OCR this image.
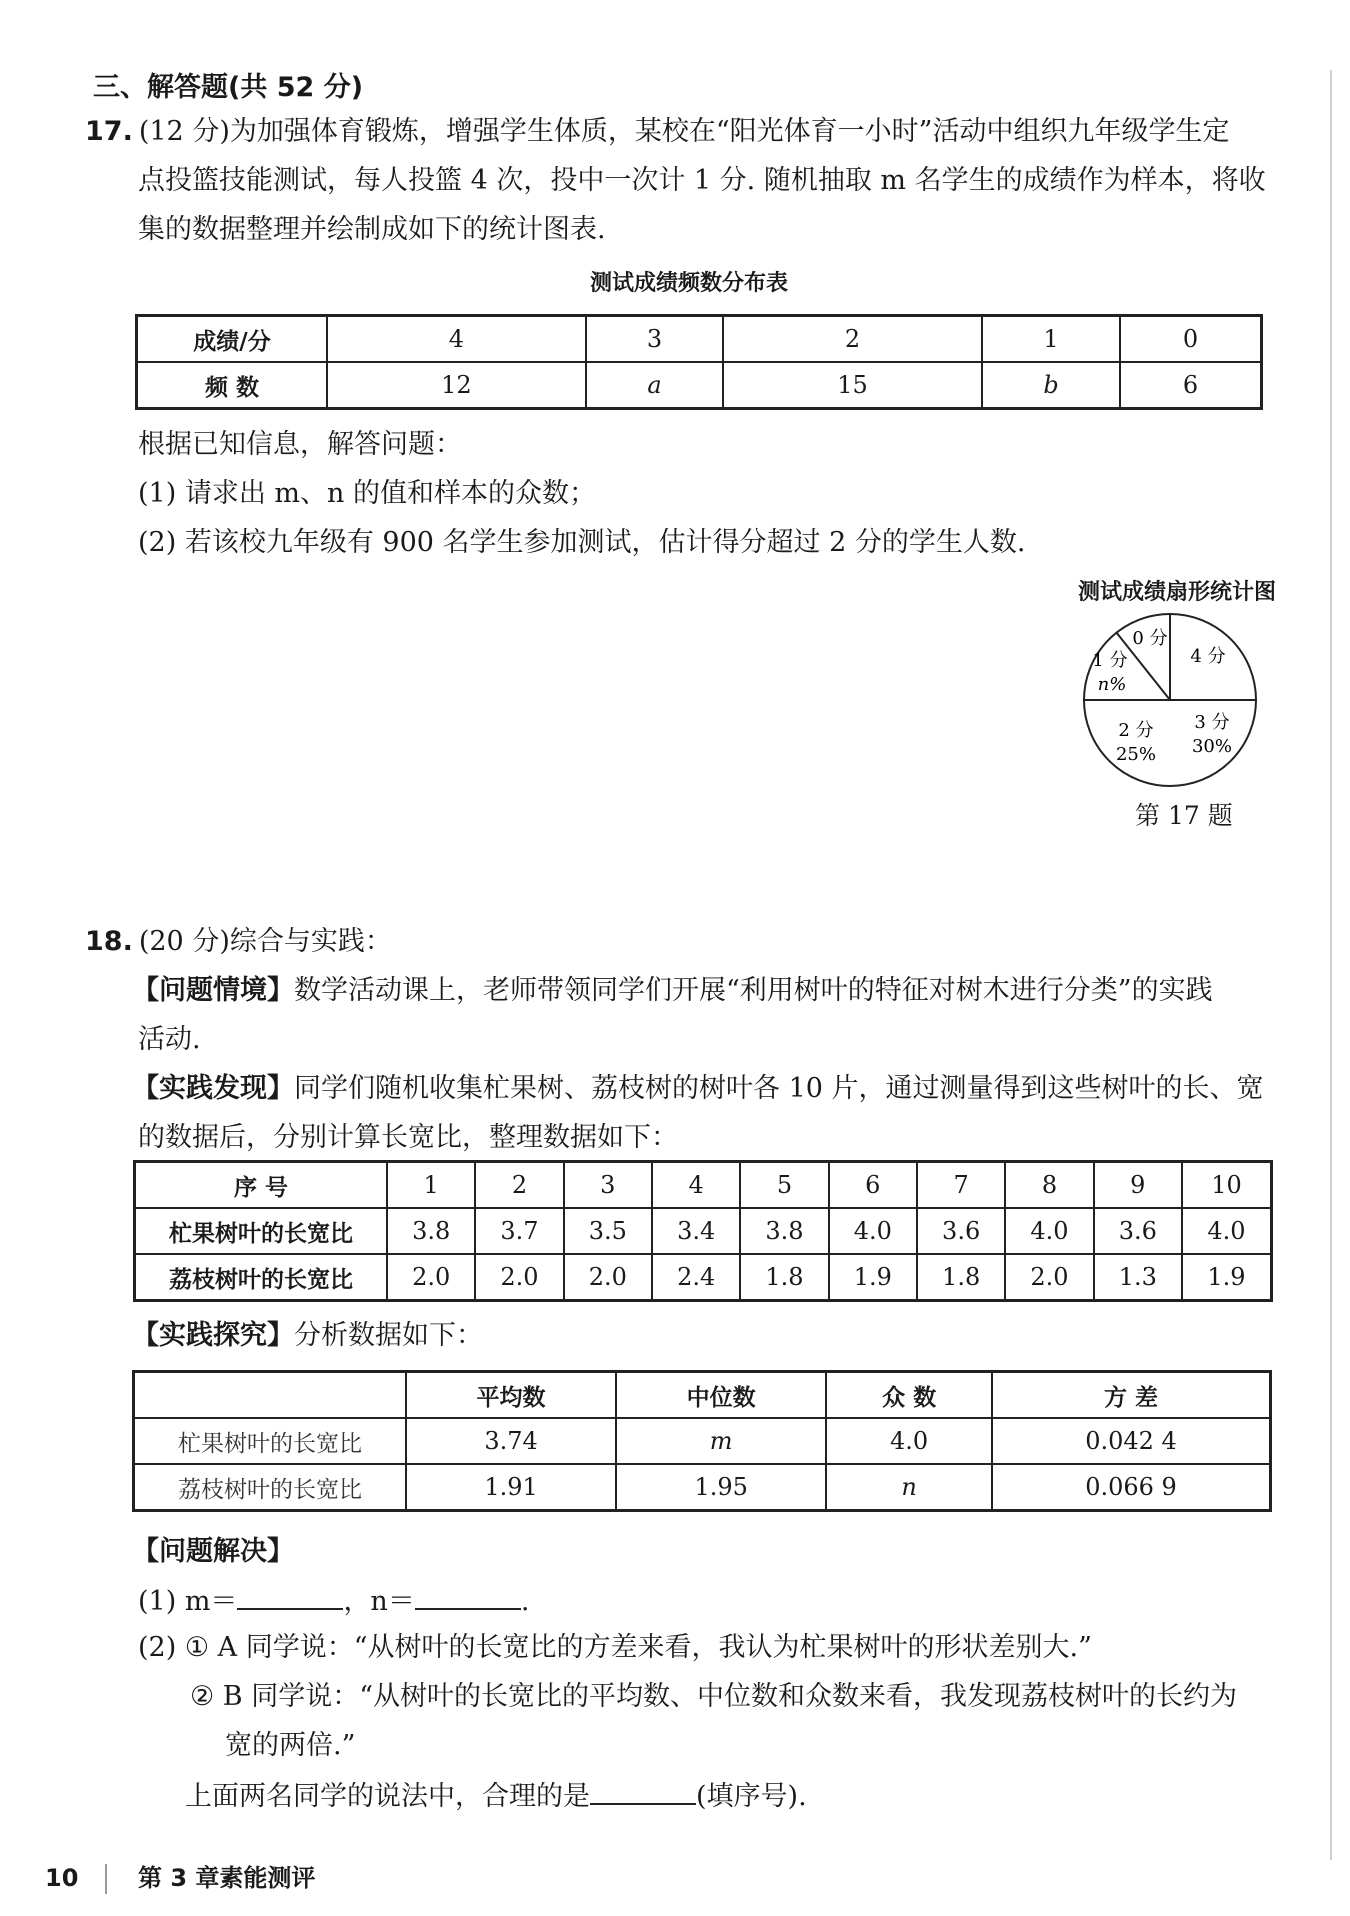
三、解答题(共 52 分)
17. (12 分)为加强体育锻炼，增强学生体质，某校在“阳光体育一小时”活动中组织九年级学生定
点投篮技能测试，每人投篮 4 次，投中一次计 1 分. 随机抽取 m 名学生的成绩作为样本，将收
集的数据整理并绘制成如下的统计图表.
测试成绩频数分布表
成绩/分	4	3	2	1	0
频 数	12	a	15	b	6
根据已知信息，解答问题：
(1) 请求出 m、n 的值和样本的众数；
(2) 若该校九年级有 900 名学生参加测试，估计得分超过 2 分的学生人数.
测试成绩扇形统计图
0 分
1 分
n%
4 分
3 分
30%
2 分
25%
第 17 题
18. (20 分)综合与实践：
【问题情境】数学活动课上，老师带领同学们开展“利用树叶的特征对树木进行分类”的实践
活动.
【实践发现】同学们随机收集杧果树、荔枝树的树叶各 10 片，通过测量得到这些树叶的长、宽
的数据后，分别计算长宽比，整理数据如下：
序 号	1	2	3	4	5	6	7	8	9	10
杧果树叶的长宽比	3.8	3.7	3.5	3.4	3.8	4.0	3.6	4.0	3.6	4.0
荔枝树叶的长宽比	2.0	2.0	2.0	2.4	1.8	1.9	1.8	2.0	1.3	1.9
【实践探究】分析数据如下：
	平均数	中位数	众 数	方 差
杧果树叶的长宽比	3.74	m	4.0	0.042 4
荔枝树叶的长宽比	1.91	1.95	n	0.066 9
【问题解决】
(1) m＝	，n＝	.
(2) ① A 同学说：“从树叶的长宽比的方差来看，我认为杧果树叶的形状差别大.”
② B 同学说：“从树叶的长宽比的平均数、中位数和众数来看，我发现荔枝树叶的长约为
宽的两倍.”
上面两名同学的说法中，合理的是	(填序号).
10 第 3 章素能测评
